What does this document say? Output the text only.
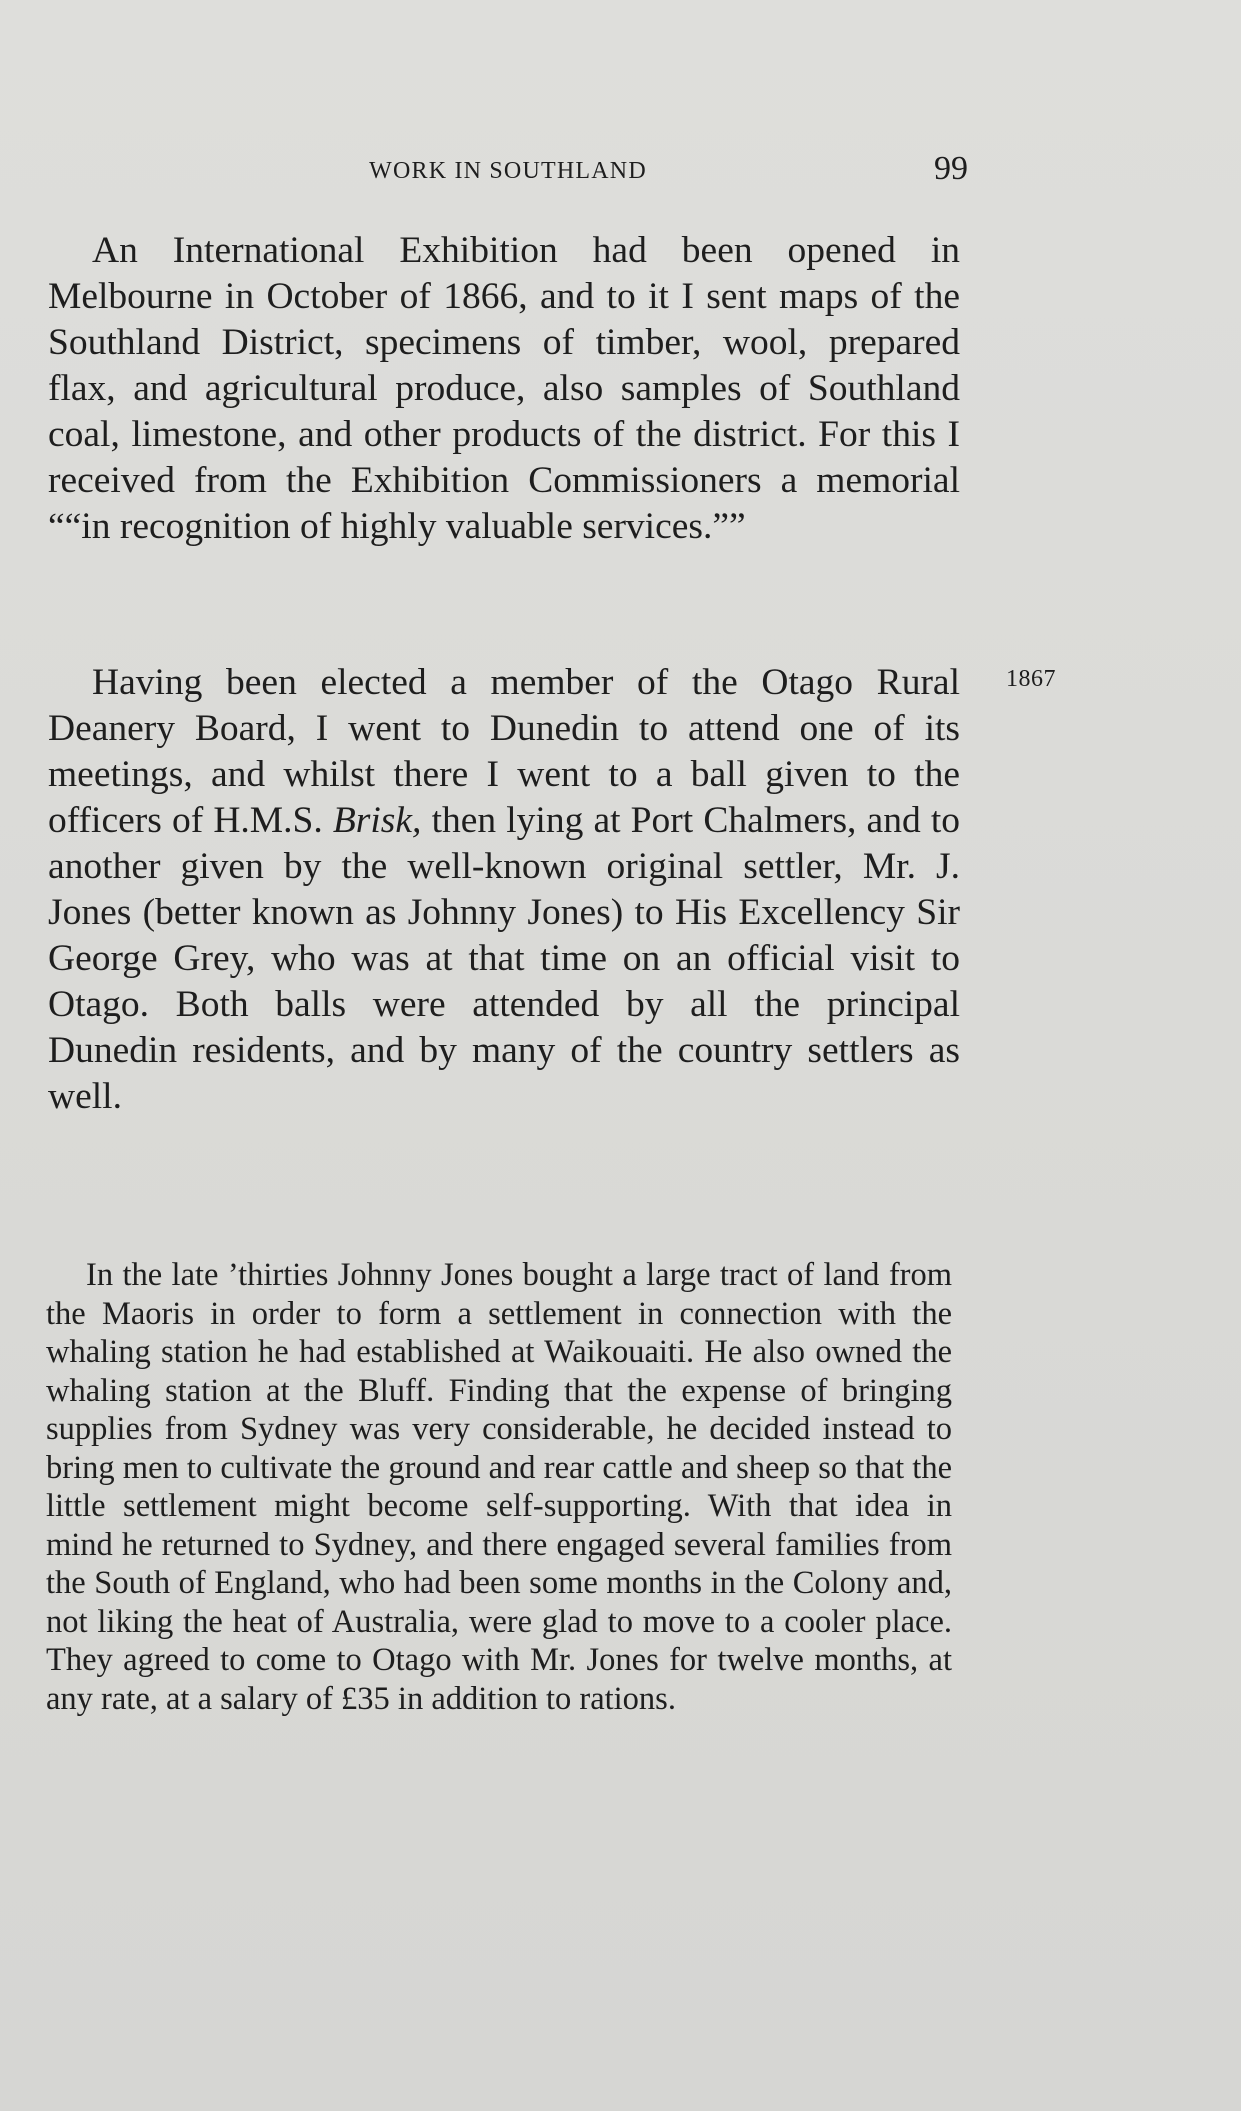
WORK IN SOUTHLAND	99

An International Exhibition had been opened in Melbourne in October of 1866, and to it I sent maps of the Southland District, specimens of timber, wool, prepared flax, and agricultural produce, also samples of Southland coal, limestone, and other products of the district. For this I received from the Exhibition Commissioners a memorial ““in recognition of highly valuable services.””

1867

Having been elected a member of the Otago Rural Deanery Board, I went to Dunedin to attend one of its meetings, and whilst there I went to a ball given to the officers of H.M.S. Brisk, then lying at Port Chalmers, and to another given by the well-known original settler, Mr. J. Jones (better known as Johnny Jones) to His Excellency Sir George Grey, who was at that time on an official visit to Otago. Both balls were attended by all the principal Dunedin residents, and by many of the country settlers as well.

In the late ’thirties Johnny Jones bought a large tract of land from the Maoris in order to form a settlement in connection with the whaling station he had established at Waikouaiti. He also owned the whaling station at the Bluff. Finding that the expense of bringing supplies from Sydney was very considerable, he decided instead to bring men to cultivate the ground and rear cattle and sheep so that the little settlement might become self-supporting. With that idea in mind he returned to Sydney, and there engaged several families from the South of England, who had been some months in the Colony and, not liking the heat of Australia, were glad to move to a cooler place. They agreed to come to Otago with Mr. Jones for twelve months, at any rate, at a salary of £35 in addition to rations.
